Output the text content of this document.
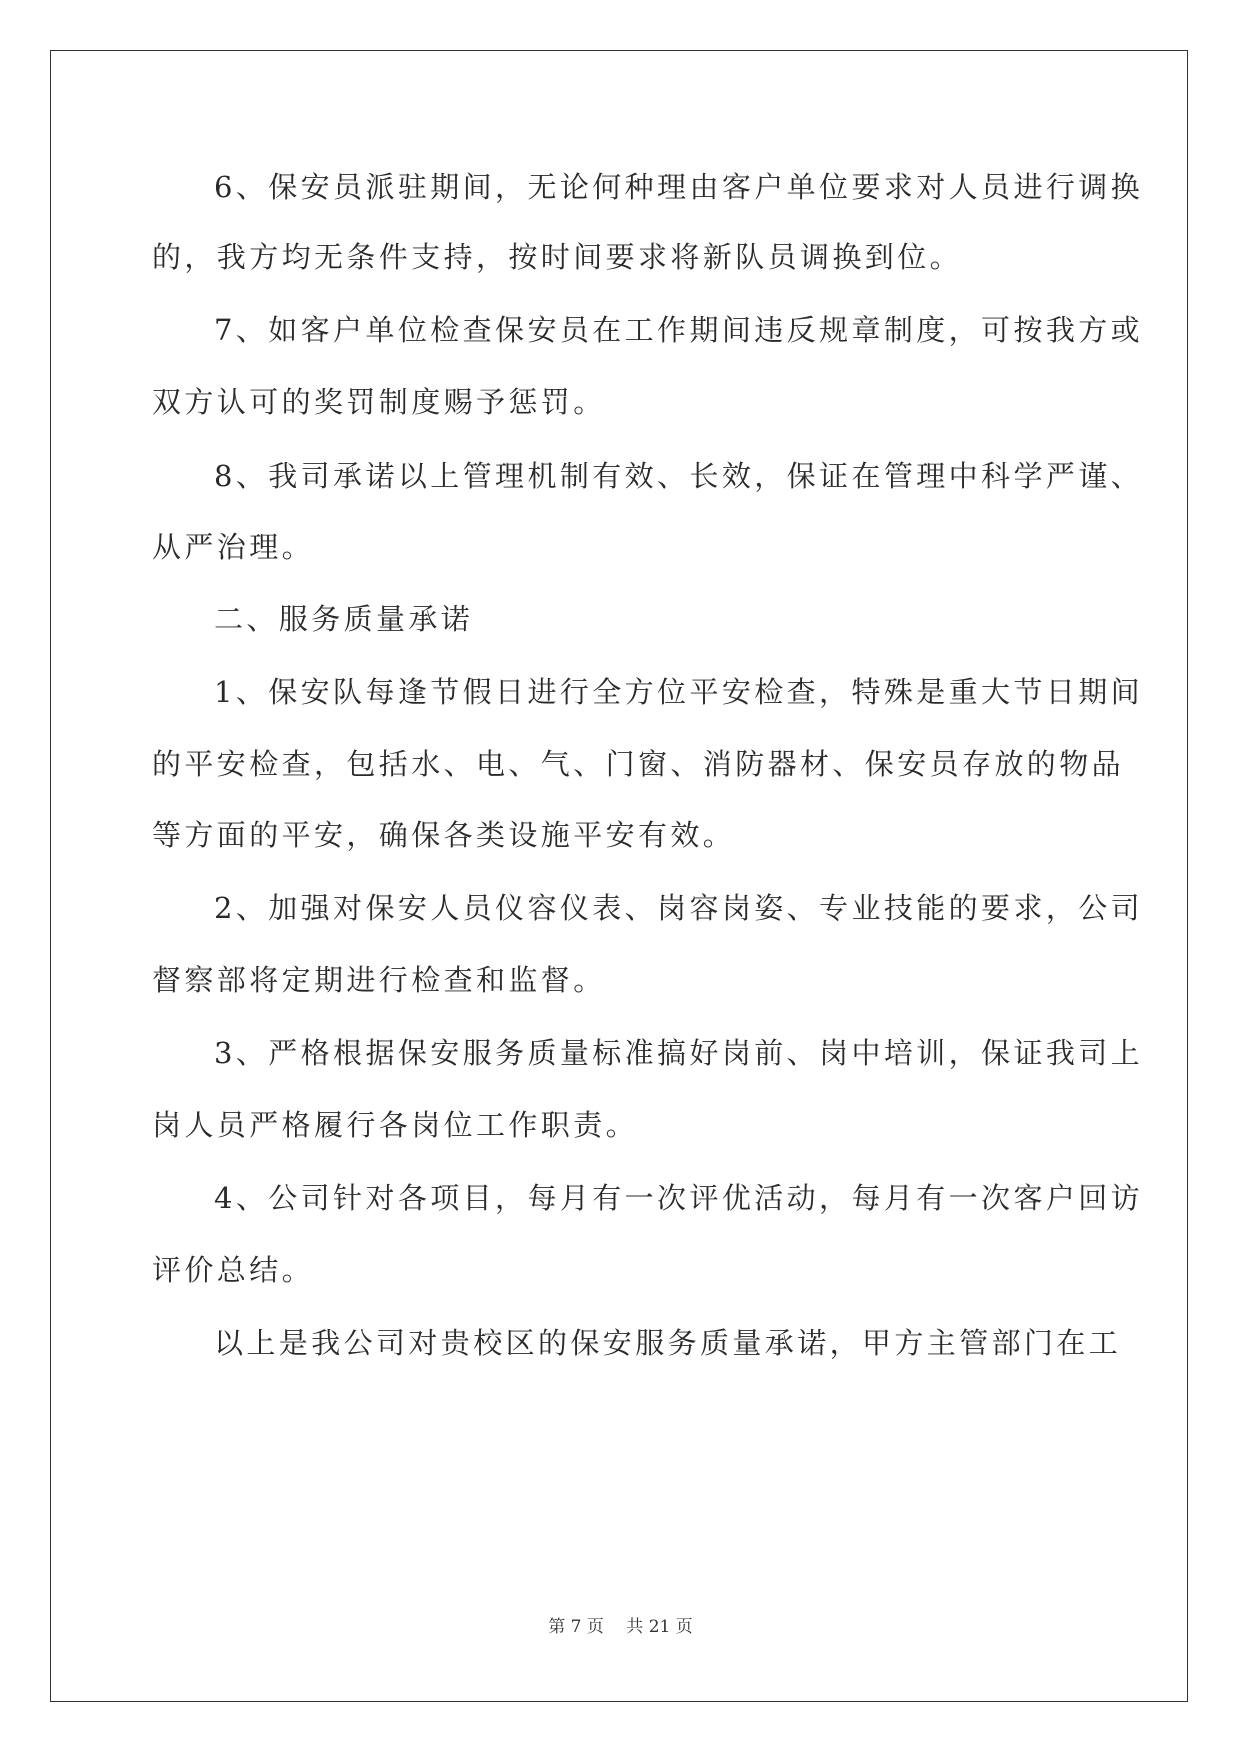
6、保安员派驻期间，无论何种理由客户单位要求对人员进行调换
的，我方均无条件支持，按时间要求将新队员调换到位。
7、如客户单位检查保安员在工作期间违反规章制度，可按我方或
双方认可的奖罚制度赐予惩罚。
8、我司承诺以上管理机制有效、长效，保证在管理中科学严谨、
从严治理。
二、服务质量承诺
1、保安队每逢节假日进行全方位平安检查，特殊是重大节日期间
的平安检查，包括水、电、气、门窗、消防器材、保安员存放的物品
等方面的平安，确保各类设施平安有效。
2、加强对保安人员仪容仪表、岗容岗姿、专业技能的要求，公司
督察部将定期进行检查和监督。
3、严格根据保安服务质量标准搞好岗前、岗中培训，保证我司上
岗人员严格履行各岗位工作职责。
4、公司针对各项目，每月有一次评优活动，每月有一次客户回访
评价总结。
以上是我公司对贵校区的保安服务质量承诺，甲方主管部门在工
第 7 页　 共 21 页
